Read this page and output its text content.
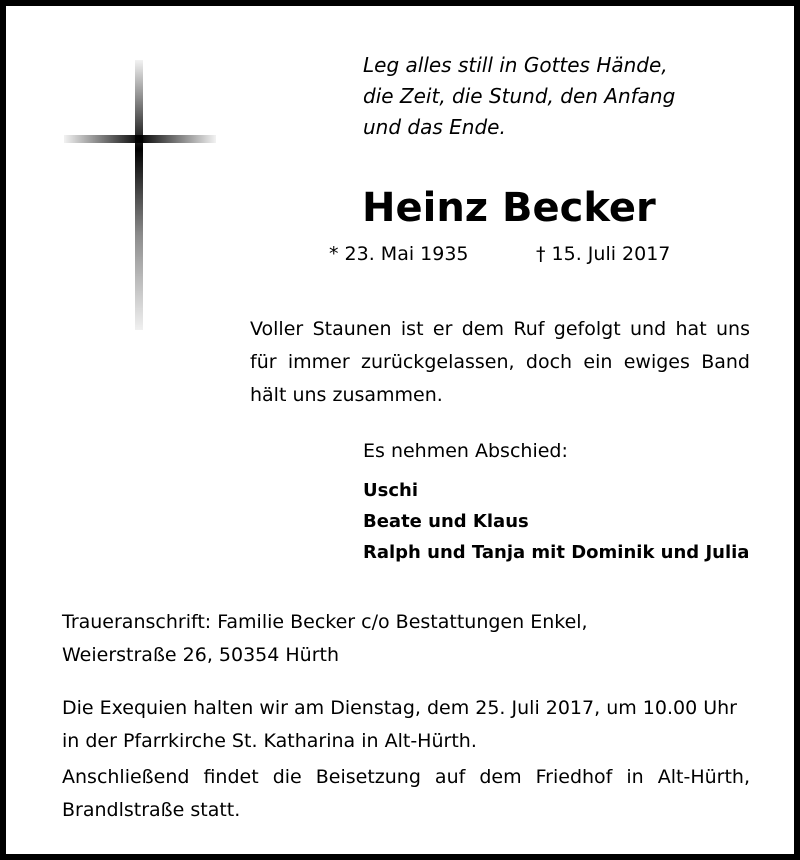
Leg alles still in Gottes Hände,
die Zeit, die Stund, den Anfang
und das Ende.
Heinz Becker
* 23. Mai 1935	† 15. Juli 2017
Voller Staunen ist er dem Ruf gefolgt und hat uns
für immer zurückgelassen, doch ein ewiges Band
hält uns zusammen.
Es nehmen Abschied:
Uschi
Beate und Klaus
Ralph und Tanja mit Dominik und Julia
Traueranschrift: Familie Becker c/o Bestattungen Enkel,
Weierstraße 26, 50354 Hürth
Die Exequien halten wir am Dienstag, dem 25. Juli 2017, um 10.00 Uhr
in der Pfarrkirche St. Katharina in Alt-Hürth.
Anschließend findet die Beisetzung auf dem Friedhof in Alt-Hürth,
Brandlstraße statt.
